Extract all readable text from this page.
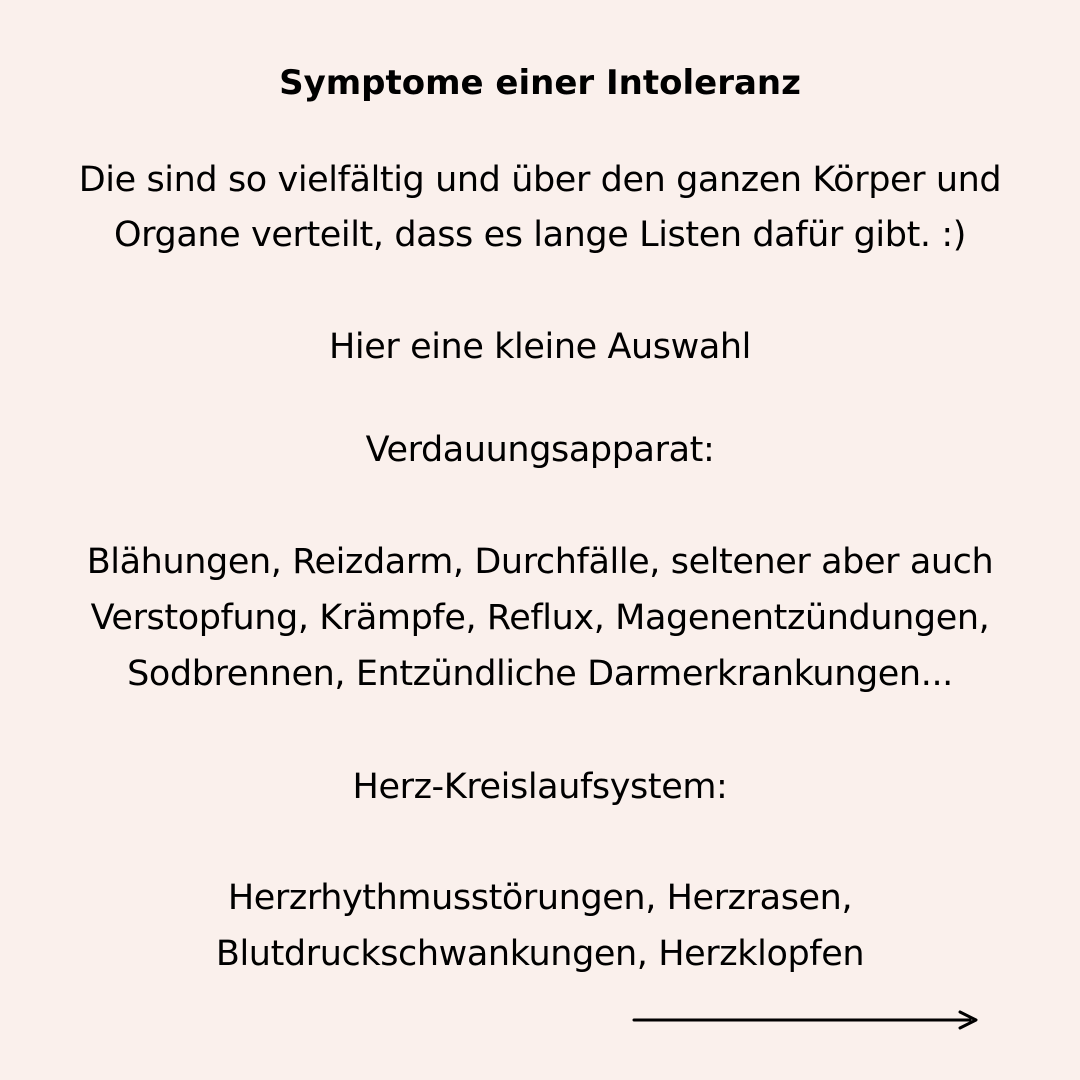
Symptome einer Intoleranz
Die sind so vielfältig und über den ganzen Körper und
Organe verteilt, dass es lange Listen dafür gibt. :)
Hier eine kleine Auswahl
Verdauungsapparat:
Blähungen, Reizdarm, Durchfälle, seltener aber auch
Verstopfung, Krämpfe, Reflux, Magenentzündungen,
Sodbrennen, Entzündliche Darmerkrankungen...
Herz-Kreislaufsystem:
Herzrhythmusstörungen, Herzrasen,
Blutdruckschwankungen, Herzklopfen
